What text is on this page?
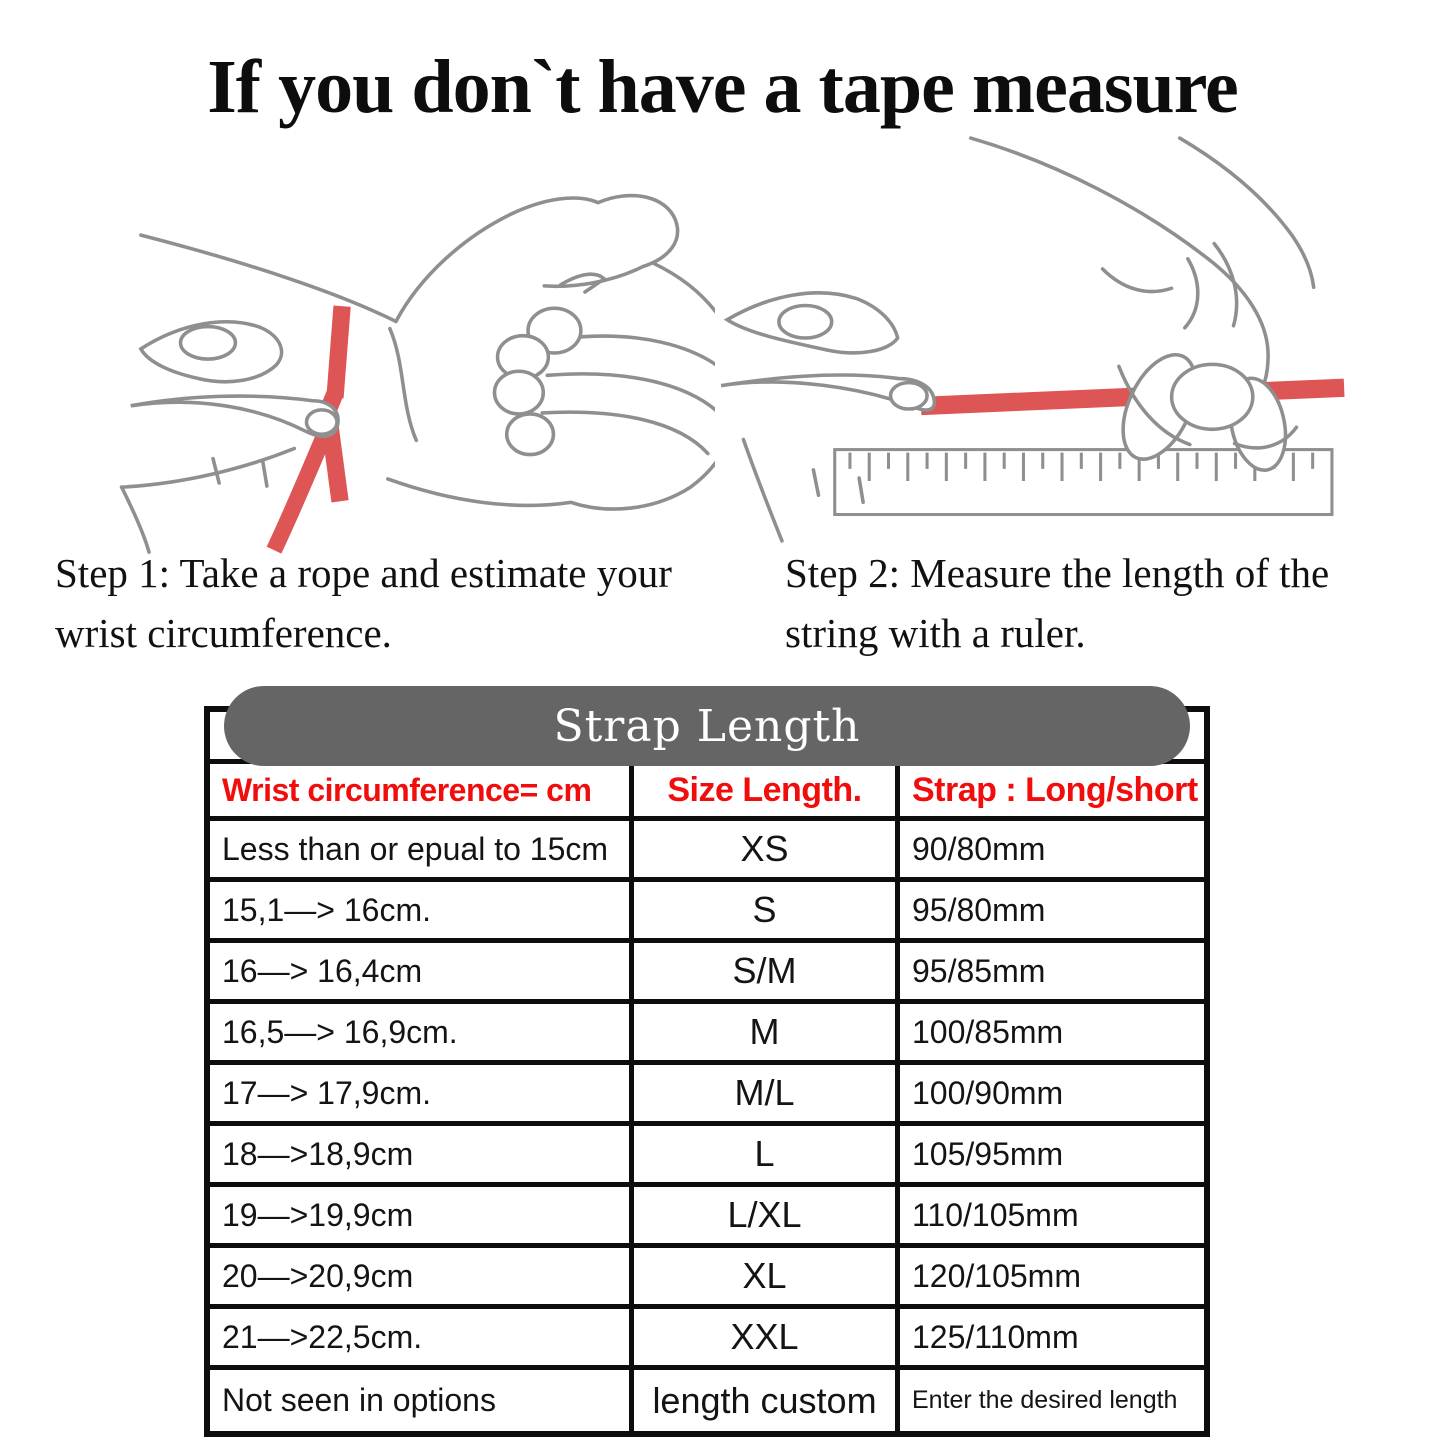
If you don`t have a tape measure
Step 1: Take a rope and estimate your wrist circumference.
Step 2: Measure the length of the string with a ruler.
Strap Length
Wrist circumference= cm	Size Length.	Strap : Long/short
Less than or epual to 15cm	XS	90/80mm
15,1—> 16cm.	S	95/80mm
16—> 16,4cm	S/M	95/85mm
16,5—> 16,9cm.	M	100/85mm
17—> 17,9cm.	M/L	100/90mm
18—>18,9cm	L	105/95mm
19—>19,9cm	L/XL	110/105mm
20—>20,9cm	XL	120/105mm
21—>22,5cm.	XXL	125/110mm
Not seen in options	length custom	Enter the desired length
